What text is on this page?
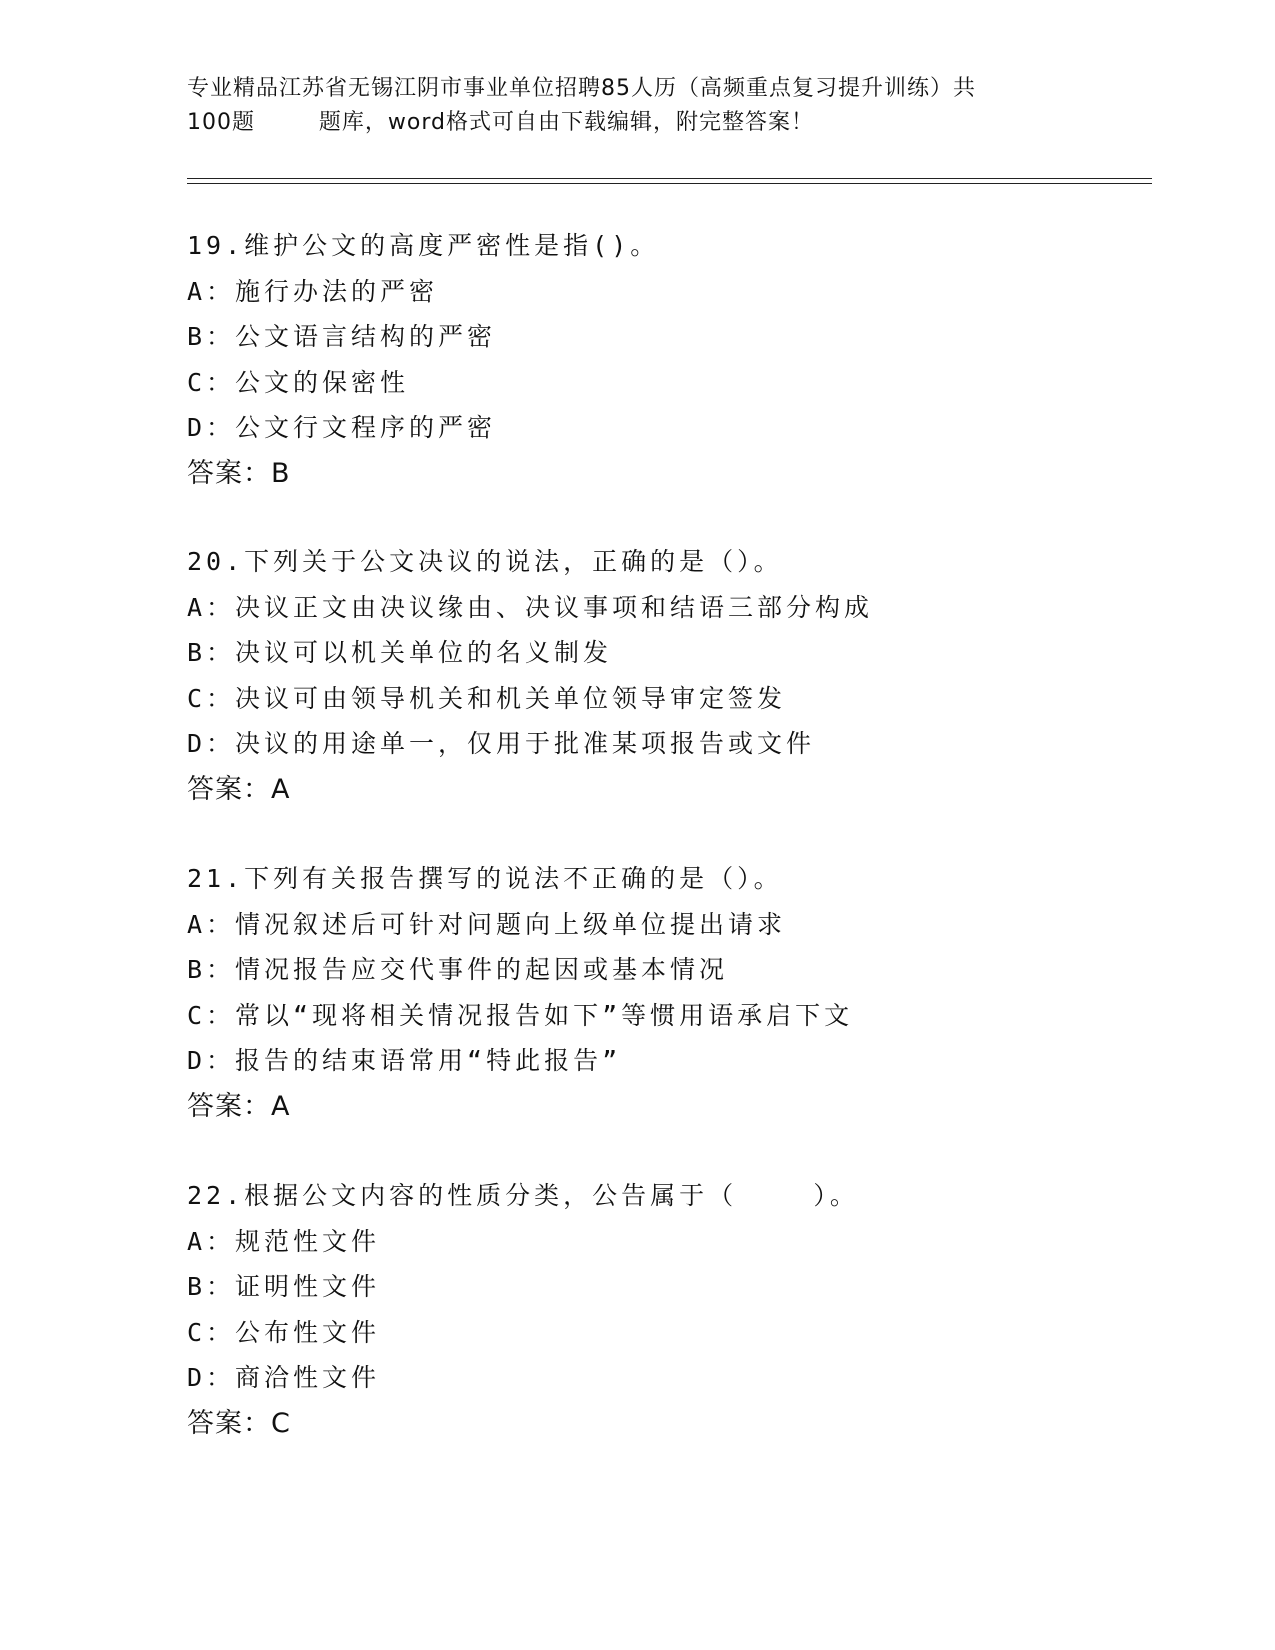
专业精品江苏省无锡江阴市事业单位招聘85人历（高频重点复习提升训练）共
100题        题库，word格式可自由下载编辑，附完整答案！
19.维护公文的高度严密性是指()。
A：施行办法的严密
B：公文语言结构的严密
C：公文的保密性
D：公文行文程序的严密
答案：B
20.下列关于公文决议的说法，正确的是（）。
A：决议正文由决议缘由、决议事项和结语三部分构成
B：决议可以机关单位的名义制发
C：决议可由领导机关和机关单位领导审定签发
D：决议的用途单一，仅用于批准某项报告或文件
答案：A
21.下列有关报告撰写的说法不正确的是（）。
A：情况叙述后可针对问题向上级单位提出请求
B：情况报告应交代事件的起因或基本情况
C：常以“现将相关情况报告如下”等惯用语承启下文
D：报告的结束语常用“特此报告”
答案：A
22.根据公文内容的性质分类，公告属于（    ）。
A：规范性文件
B：证明性文件
C：公布性文件
D：商洽性文件
答案：C
